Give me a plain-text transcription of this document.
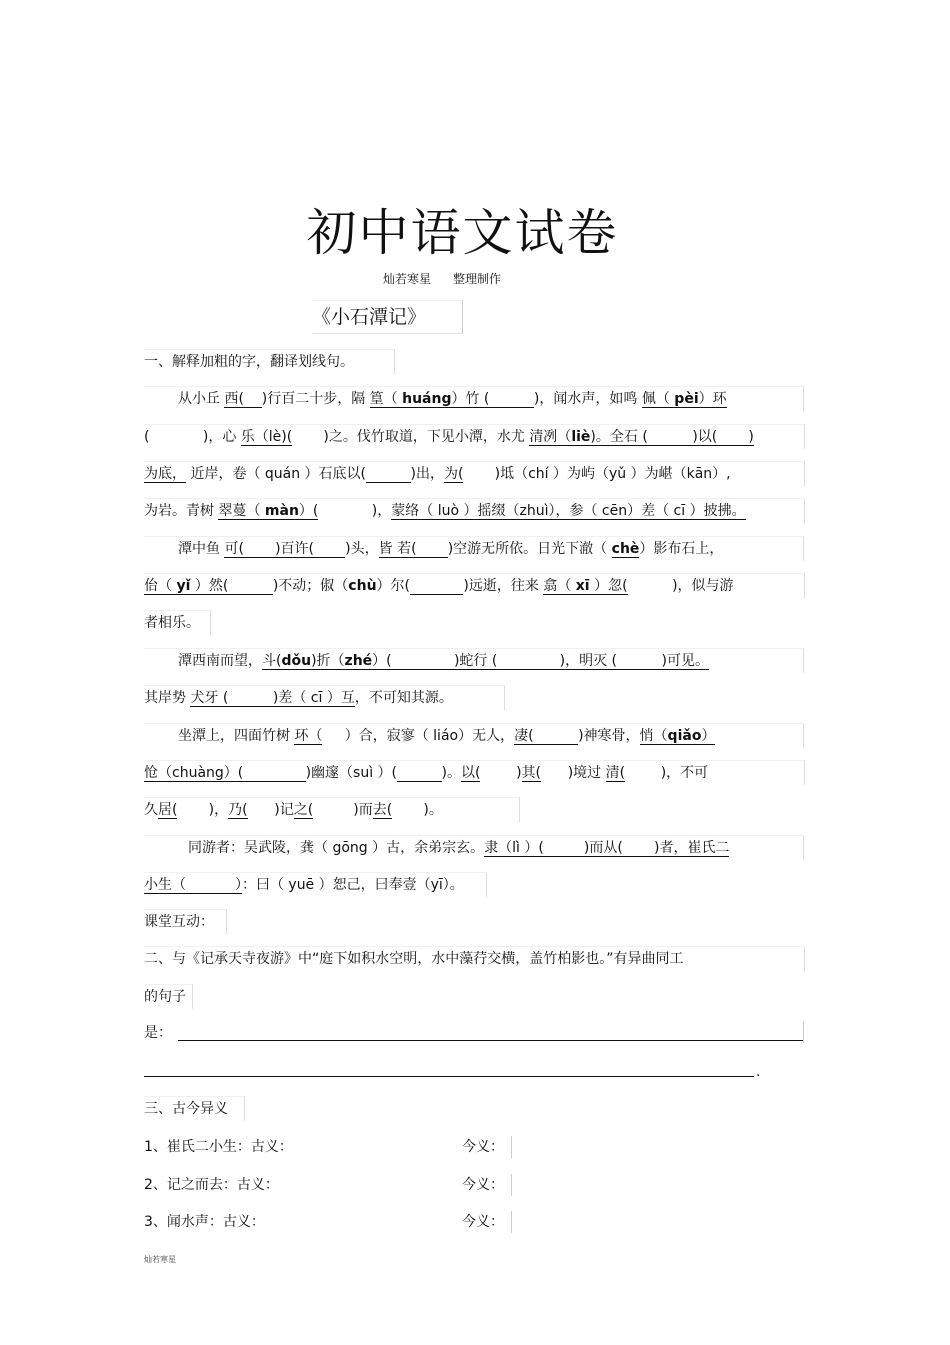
初中语文试卷
灿若寒星 整理制作
《小石潭记》
一、解释加粗的字，翻译划线句。
从小丘 西( )行百二十步，隔 篁（ huáng）竹 (	)，闻水声，如鸣 佩（ pèi）环
(	)，心 乐（lè)( )之。伐竹取道，下见小潭，水尤 清冽（liè)。全石 (	)以( )
为底， 近岸，卷（ quán ）石底以(	)出，为( )坻（chí ）为屿（yǔ ）为嵁（kān）,
为岩。青树 翠蔓（ màn）(	)，蒙络（ luò ）摇缀（zhuì），参（ cēn）差（ cī ）披拂。
潭中鱼 可( )百许( )头，皆 若( )空游无所依。日光下澈（ chè）影布石上，
佁（ yǐ ）然(	)不动；俶（chù）尔(	)远逝，往来 翕（ xī ）忽(	)，似与游
者相乐。
潭西南而望，斗(dǒu)折（zhé）(	)蛇行 (	)，明灭 (	)可见。
其岸势 犬牙 (	)差（ cī ）互，不可知其源。
坐潭上，四面竹树 环（ ）合，寂寥（ liáo）无人，凄(	)神寒骨，悄（qiǎo）
怆（chuàng）(	)幽邃（suì ）(	)。以(	)其( )境过 清(	)，不可
久居( )，乃( )记之(	)而去( )。
同游者：吴武陵，龚（ gōng ）古，余弟宗玄。隶（lì ）(	)而从( )者，崔氏二
小生（	）：曰（ yuē ）恕己，曰奉壹（yī）。
课堂互动：
二、与《记承天寺夜游》中“庭下如积水空明，水中藻荇交横，盖竹柏影也。”有异曲同工
的句子
是：
.
三、古今异义
1、崔氏二小生：古义：	今义：
2、记之而去：古义：	今义：
3、闻水声：古义：	今义：
灿若寒星
